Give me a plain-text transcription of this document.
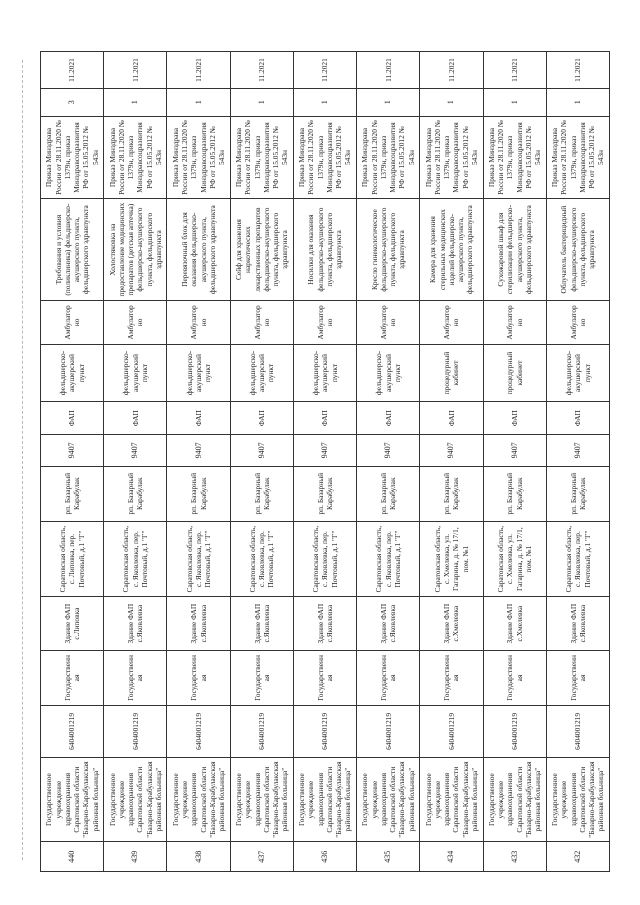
440	Государственное учреждение здравоохранения Саратовской области "Базарно-Карабулакская районная больница"	6404001219	Государственная	Здание ФАП с.Липовка	Саратовская область, с. Липовка, пер. Почтовый, д.1 "Г"	рп. Базарный Карабулак	9407	ФАП	фельдшерско-акушерский пункт	Амбулаторно	Требования и условия (поликлиника) фельдшерско-акушерского пункта, фельдшерского здравпункта	Приказ Минздрава России от 28.11.2020 № 1379н, приказ Минздравсоцразвития РФ от 15.05.2012 № 543н	3	11.2021
439	Государственное учреждение здравоохранения Саратовской области "Базарно-Карабулакская районная больница"	6404001219	Государственная	Здание ФАП с.Яковлевка	Саратовская область, с. Яковлевка, пер. Почтовый, д.1 "Г"	рп. Базарный Карабулак	9407	ФАП	фельдшерско-акушерский пункт	Амбулаторно	Холостяковка на предоставление медицинских препаратов (детская аптечка) фельдшерско-акушерского пункта, фельдшерского здравпункта	Приказ Минздрава России от 28.11.2020 № 1379н, приказ Минздравсоцразвития РФ от 15.05.2012 № 543н	1	11.2021
438	Государственное учреждение здравоохранения Саратовской области "Базарно-Карабулакская районная больница"	6404001219	Государственная	Здание ФАП с.Яковлевка	Саратовская область, с. Яковлевка, пер. Почтовый, д.1 "Г"	рп. Базарный Карабулак	9407	ФАП	фельдшерско-акушерский пункт	Амбулаторно	Перевязочный блок для оказания фельдшерско-акушерского пункта, фельдшерского здравпункта	Приказ Минздрава России от 28.11.2020 № 1379н, приказ Минздравсоцразвития РФ от 15.05.2012 № 543н	1	11.2021
437	Государственное учреждение здравоохранения Саратовской области "Базарно-Карабулакская районная больница"	6404001219	Государственная	Здание ФАП с.Яковлевка	Саратовская область, с. Яковлевка, пер. Почтовый, д.1 "Г"	рп. Базарный Карабулак	9407	ФАП	фельдшерско-акушерский пункт	Амбулаторно	Сейф для хранения наркотических лекарственных препаратов фельдшерско-акушерского пункта, фельдшерского здравпункта	Приказ Минздрава России от 28.11.2020 № 1379н, приказ Минздравсоцразвития РФ от 15.05.2012 № 543н	1	11.2021
436	Государственное учреждение здравоохранения Саратовской области "Базарно-Карабулакская районная больница"	6404001219	Государственная	Здание ФАП с.Яковлевка	Саратовская область, с. Яковлевка, пер. Почтовый, д.1 "Г"	рп. Базарный Карабулак	9407	ФАП	фельдшерско-акушерский пункт	Амбулаторно	Носилки для оказания фельдшерско-акушерского пункта, фельдшерского здравпункта	Приказ Минздрава России от 28.11.2020 № 1379н, приказ Минздравсоцразвития РФ от 15.05.2012 № 543н	1	11.2021
435	Государственное учреждение здравоохранения Саратовской области "Базарно-Карабулакская районная больница"	6404001219	Государственная	Здание ФАП с.Яковлевка	Саратовская область, с. Яковлевка, пер. Почтовый, д.1 "Г"	рп. Базарный Карабулак	9407	ФАП	фельдшерско-акушерский пункт	Амбулаторно	Кресло гинекологическое фельдшерско-акушерского пункта, фельдшерского здравпункта	Приказ Минздрава России от 28.11.2020 № 1379н, приказ Минздравсоцразвития РФ от 15.05.2012 № 543н	1	11.2021
434	Государственное учреждение здравоохранения Саратовской области "Базарно-Карабулакская районная больница"	6404001219	Государственная	Здание ФАП с.Хмелевка	Саратовская область, с. Хмелевка, ул. Гагарина, д. № 17/1, пом. №1	рп. Базарный Карабулак	9407	ФАП	процедурный кабинет	Амбулаторно	Камера для хранения стерильных медицинских изделий фельдшерско-акушерского пункта, фельдшерского здравпункта	Приказ Минздрава России от 28.11.2020 № 1379н, приказ Минздравсоцразвития РФ от 15.05.2012 № 543н	1	11.2021
433	Государственное учреждение здравоохранения Саратовской области "Базарно-Карабулакская районная больница"	6404001219	Государственная	Здание ФАП с.Хмелевка	Саратовская область, с. Хмелевка, ул. Гагарина, д. № 17/1, пом. №1	рп. Базарный Карабулак	9407	ФАП	процедурный кабинет	Амбулаторно	Сухожаровой шкаф для стерилизации фельдшерско-акушерского пункта, фельдшерского здравпункта	Приказ Минздрава России от 28.11.2020 № 1379н, приказ Минздравсоцразвития РФ от 15.05.2012 № 543н	1	11.2021
432	Государственное учреждение здравоохранения Саратовской области "Базарно-Карабулакская районная больница"	6404001219	Государственная	Здание ФАП с.Яковлевка	Саратовская область, с. Яковлевка, пер. Почтовый, д.1 "Г"	рп. Базарный Карабулак	9407	ФАП	фельдшерско-акушерский пункт	Амбулаторно	Облучатель бактерицидный фельдшерско-акушерского пункта, фельдшерского здравпункта	Приказ Минздрава России от 28.11.2020 № 1379н, приказ Минздравсоцразвития РФ от 15.05.2012 № 543н	1	11.2021
